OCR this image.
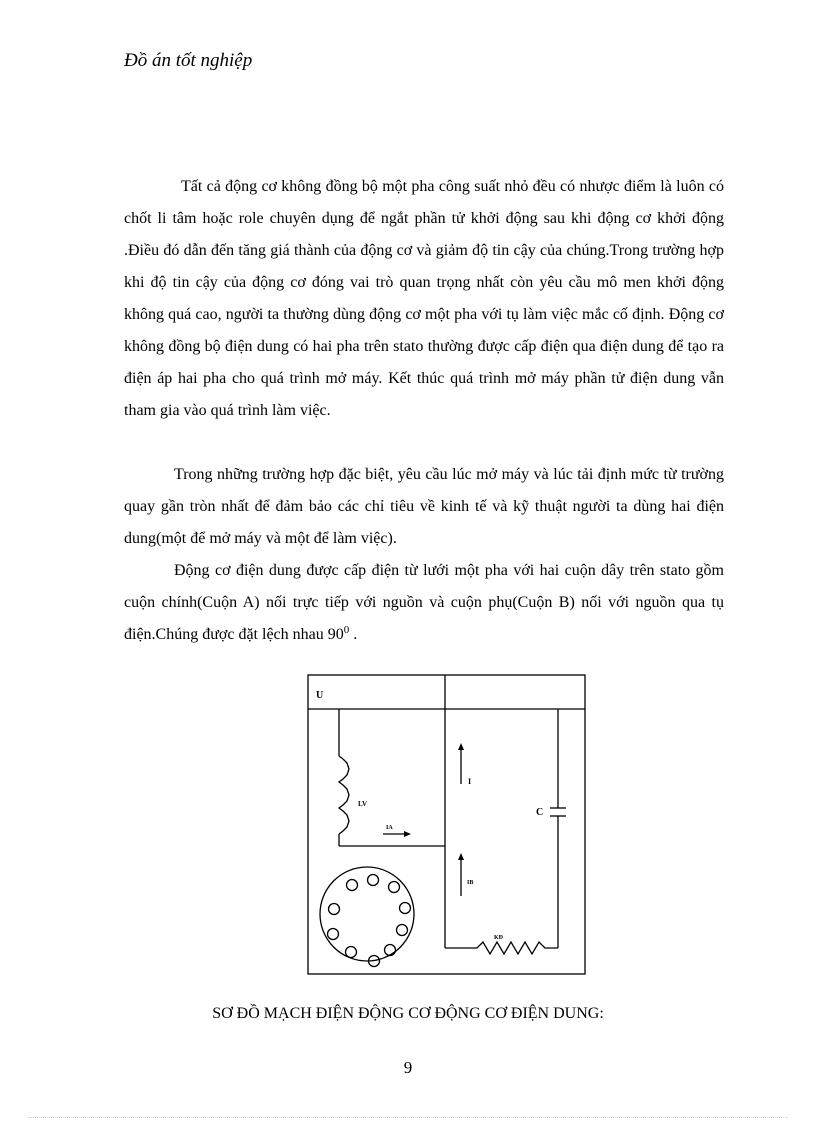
Đồ án tốt nghiệp

Tất cả động cơ không đồng bộ một pha công suất nhỏ đều có nhược điểm là luôn có chốt li tâm hoặc role chuyên dụng để ngắt phần tử khởi động sau khi động cơ khởi động .Điều đó dẫn đến tăng giá thành của động cơ và giảm độ tin cậy của chúng.Trong trường hợp khi độ tin cậy của động cơ đóng vai trò quan trọng nhất còn yêu cầu mô men khởi động không quá cao, người ta thường dùng động cơ một pha với tụ làm việc mắc cố định. Động cơ không đồng bộ điện dung có hai pha trên stato thường được cấp điện qua điện dung để tạo ra điện áp hai pha cho quá trình mở máy. Kết thúc quá trình mở máy phần tử điện dung vẫn tham gia vào quá trình làm việc.

Trong những trường hợp đặc biệt, yêu cầu lúc mở máy và lúc tải định mức từ trường quay gần tròn nhất để đảm bảo các chỉ tiêu về kinh tế và kỹ thuật người ta dùng hai điện dung(một để mở máy và một để làm việc).

Động cơ điện dung được cấp điện từ lưới một pha với hai cuộn dây trên stato gồm cuộn chính(Cuộn A) nối trực tiếp với nguồn và cuộn phụ(Cuộn B) nối với nguồn qua tụ điện.Chúng được đặt lệch nhau $90^0$ .

U
LV
IA
I
IB
C
KĐ
SƠ ĐỒ MẠCH ĐIỆN ĐỘNG CƠ ĐỘNG CƠ ĐIỆN DUNG:
9
